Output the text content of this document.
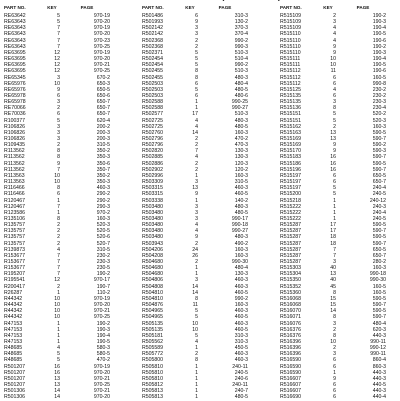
PART NO.	KEY	PAGE
RE63642	5	970-19
RE63643	5	970-20
RE63643	7	970-19
RE63643	7	970-20
RE63643	7	970-23
RE63643	7	970-25
RE63695	12	970-19
RE63695	12	970-20
RE63695	12	970-21
RE63695	12	970-25
RE65345	3	670-2
RE65976	10	650-3
RE65976	9	650-5
RE65978	6	650-6
RE65978	3	650-7
RE70066	2	650-7
RE70036	6	650-7
R100377	5	620-4
R106826	3	200-2
R106826	3	200-3
R106826	3	200-3
R109435	2	310-5
R113562	8	350-2
R113562	8	350-3
R113562	9	350-6
R113562	7	350-7
R113563	10	350-2
R113563	10	350-3
R116466	8	460-3
R116466	6	290-2
R120467	1	290-2
R120467	7	290-3
R123586	1	970-2
R135106	8	160-3
R135757	2	520-3
R135757	2	520-5
R135757	2	520-6
R135757	2	520-7
R139873	4	310-5
R153677	7	230-2
R153677	7	230-3
R153677	7	230-5
R195207	7	190-2
R195541	12	970-17
R200417	2	190-7
R26287	1	110-2
R44342	10	970-19
R44342	10	970-20
R44342	10	970-21
R44342	10	970-25
R47153	1	190-2
R47153	1	190-3
R47153	1	190-4
R47153	1	190-5
R48685	4	580-3
R48685	5	580-5
R48685	5	470-2
R501207	16	970-19
R501207	16	970-20
R501207	13	970-21
R501207	13	970-25
R501306	14	970-21
R501306	14	970-20
PART NO.	KEY	PAGE
R501486	6	310-3
R501993	9	130-2
R502142	3	370-3
R502142	3	370-4
R502368	2	990-2
R502368	2	990-3
R502371	5	510-3
R502454	5	510-4
R502454	5	990-2
R502455	8	510-3
R502455	8	480-3
R502503	6	480-4
R502503	5	480-5
R502503	6	480-6
R502588	1	990-25
R502588	1	990-27
R502577	17	510-3
R502725	4	480-3
R502725	4	480-5
R502760	14	160-3
R502796	2	470-2
R502796	2	470-3
R502820	7	130-3
R502885	4	130-3
R502886	2	120-3
R502902	2	120-2
R502996	1	160-3
R503309	3	310-5
R503315	13	460-3
R503315	9	460-5
R503338	1	140-2
R503480	3	480-3
R503480	3	480-5
R503480	3	990-17
R503480	4	990-18
R503480	4	990-27
R503480	9	480-3
R503943	2	490-2
R504206	24	160-3
R504208	26	160-3
R504680	2	990-30
R504680	1	480-4
R504680	1	130-3
R504806	3	460-3
R504808	14	460-3
R504810	14	460-5
R504810	8	990-2
R504876	11	160-3
R504965	5	460-3
R504965	5	460-5
R505135	10	460-3
R505135	10	460-5
R505181	5	310-3
R505562	4	310-3
R505589	1	450-5
R505772	2	460-3
R505800	8	460-3
R505810	1	240-11
R505810	1	240-5
R505810	1	240-6
R505812	1	240-11
R505813	1	240-7
R505813	1	480-5
PART NO.	KEY	PAGE
R515109	2	190-2
R515109	3	190-3
R515109	4	190-4
R515110	4	190-5
R515110	4	190-6
R515110	9	190-2
R515110	9	190-3
R515111	10	190-4
R515111	10	190-5
R515112	11	190-6
R515112	6	160-5
R515112	6	990-8
R515125	4	230-2
R515135	6	230-2
R515135	3	230-3
R515136	8	230-4
R515151	5	520-2
R515151	5	520-3
R515162	2	160-3
R515163	13	590-5
R515169	13	590-7
R515169	9	590-2
R515170	9	590-3
R515183	16	590-7
R515186	16	590-5
R515196	16	590-7
R515197	6	650-5
R515197	6	650-7
R515197	5	240-4
R515200	5	240-5
R515218	1	240-12
R515222	1	240-3
R515222	1	240-4
R515222	1	240-5
R515287	17	590-5
R515287	17	590-7
R515287	18	590-5
R515287	18	590-7
R515287	7	650-5
R515287	7	650-7
R515287	3	280-2
R515303	40	160-3
R515304	13	990-18
R515350	40	990-30
R515352	45	160-5
R515360	8	160-5
R516068	15	590-5
R516068	15	590-7
R516070	14	590-5
R516071	8	590-7
R516076	3	480-4
R516376	2	620-3
R516376	8	440-3
R516396	10	990-11
R516396	2	990-12
R516396	3	990-11
R516590	6	860-4
R516590	6	860-3
R516590	1	440-3
R516607	9	440-3
R516607	6	440-5
R516607	6	440-3
R516690	6	440-4
